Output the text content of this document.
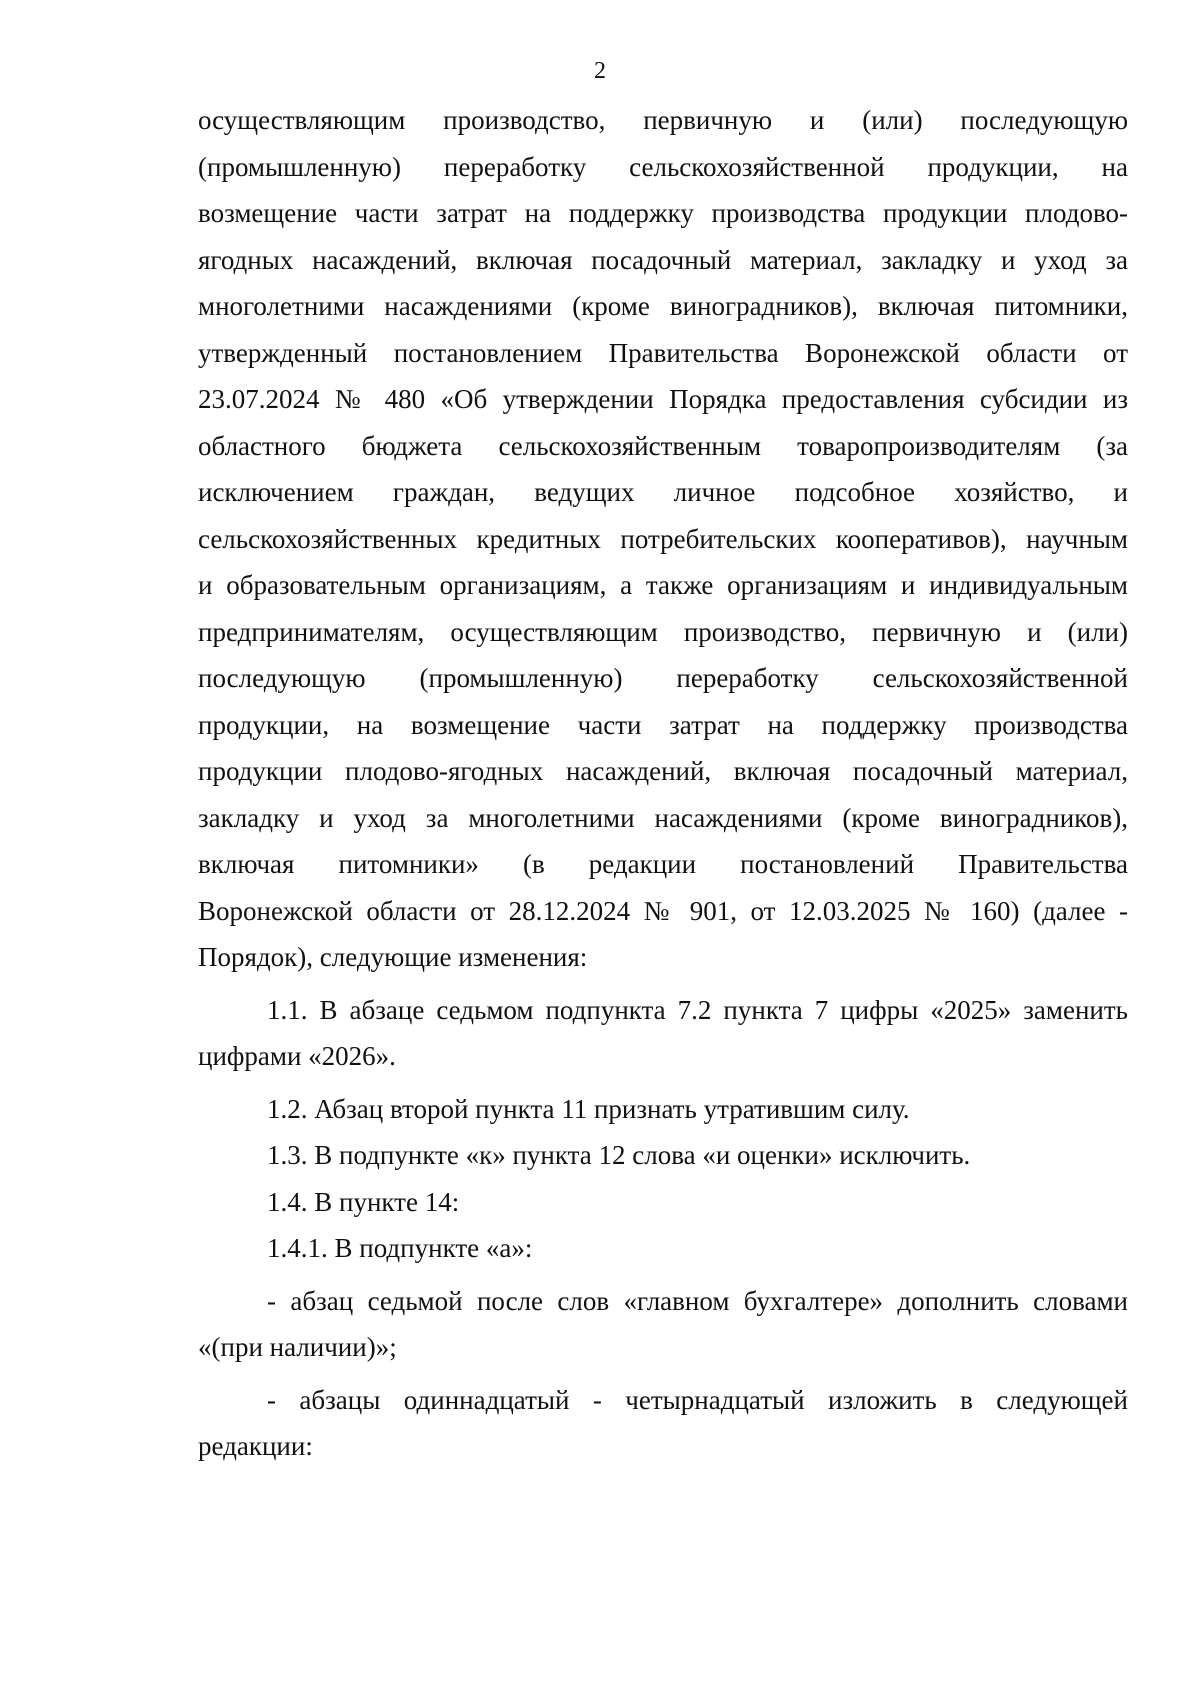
2
осуществляющим производство, первичную и (или) последующую
(промышленную) переработку сельскохозяйственной продукции, на
возмещение части затрат на поддержку производства продукции плодово-
ягодных насаждений, включая посадочный материал, закладку и уход за
многолетними насаждениями (кроме виноградников), включая питомники,
утвержденный постановлением Правительства Воронежской области от
23.07.2024 № 480 «Об утверждении Порядка предоставления субсидии из
областного бюджета сельскохозяйственным товаропроизводителям (за
исключением граждан, ведущих личное подсобное хозяйство, и
сельскохозяйственных кредитных потребительских кооперативов), научным
и образовательным организациям, а также организациям и индивидуальным
предпринимателям, осуществляющим производство, первичную и (или)
последующую (промышленную) переработку сельскохозяйственной
продукции, на возмещение части затрат на поддержку производства
продукции плодово-ягодных насаждений, включая посадочный материал,
закладку и уход за многолетними насаждениями (кроме виноградников),
включая питомники» (в редакции постановлений Правительства
Воронежской области от 28.12.2024 № 901, от 12.03.2025 № 160) (далее -
Порядок), следующие изменения:
1.1. В абзаце седьмом подпункта 7.2 пункта 7 цифры «2025» заменить
цифрами «2026».
1.2. Абзац второй пункта 11 признать утратившим силу.
1.3. В подпункте «к» пункта 12 слова «и оценки» исключить.
1.4. В пункте 14:
1.4.1. В подпункте «а»:
- абзац седьмой после слов «главном бухгалтере» дополнить словами
«(при наличии)»;
- абзацы одиннадцатый - четырнадцатый изложить в следующей
редакции:
